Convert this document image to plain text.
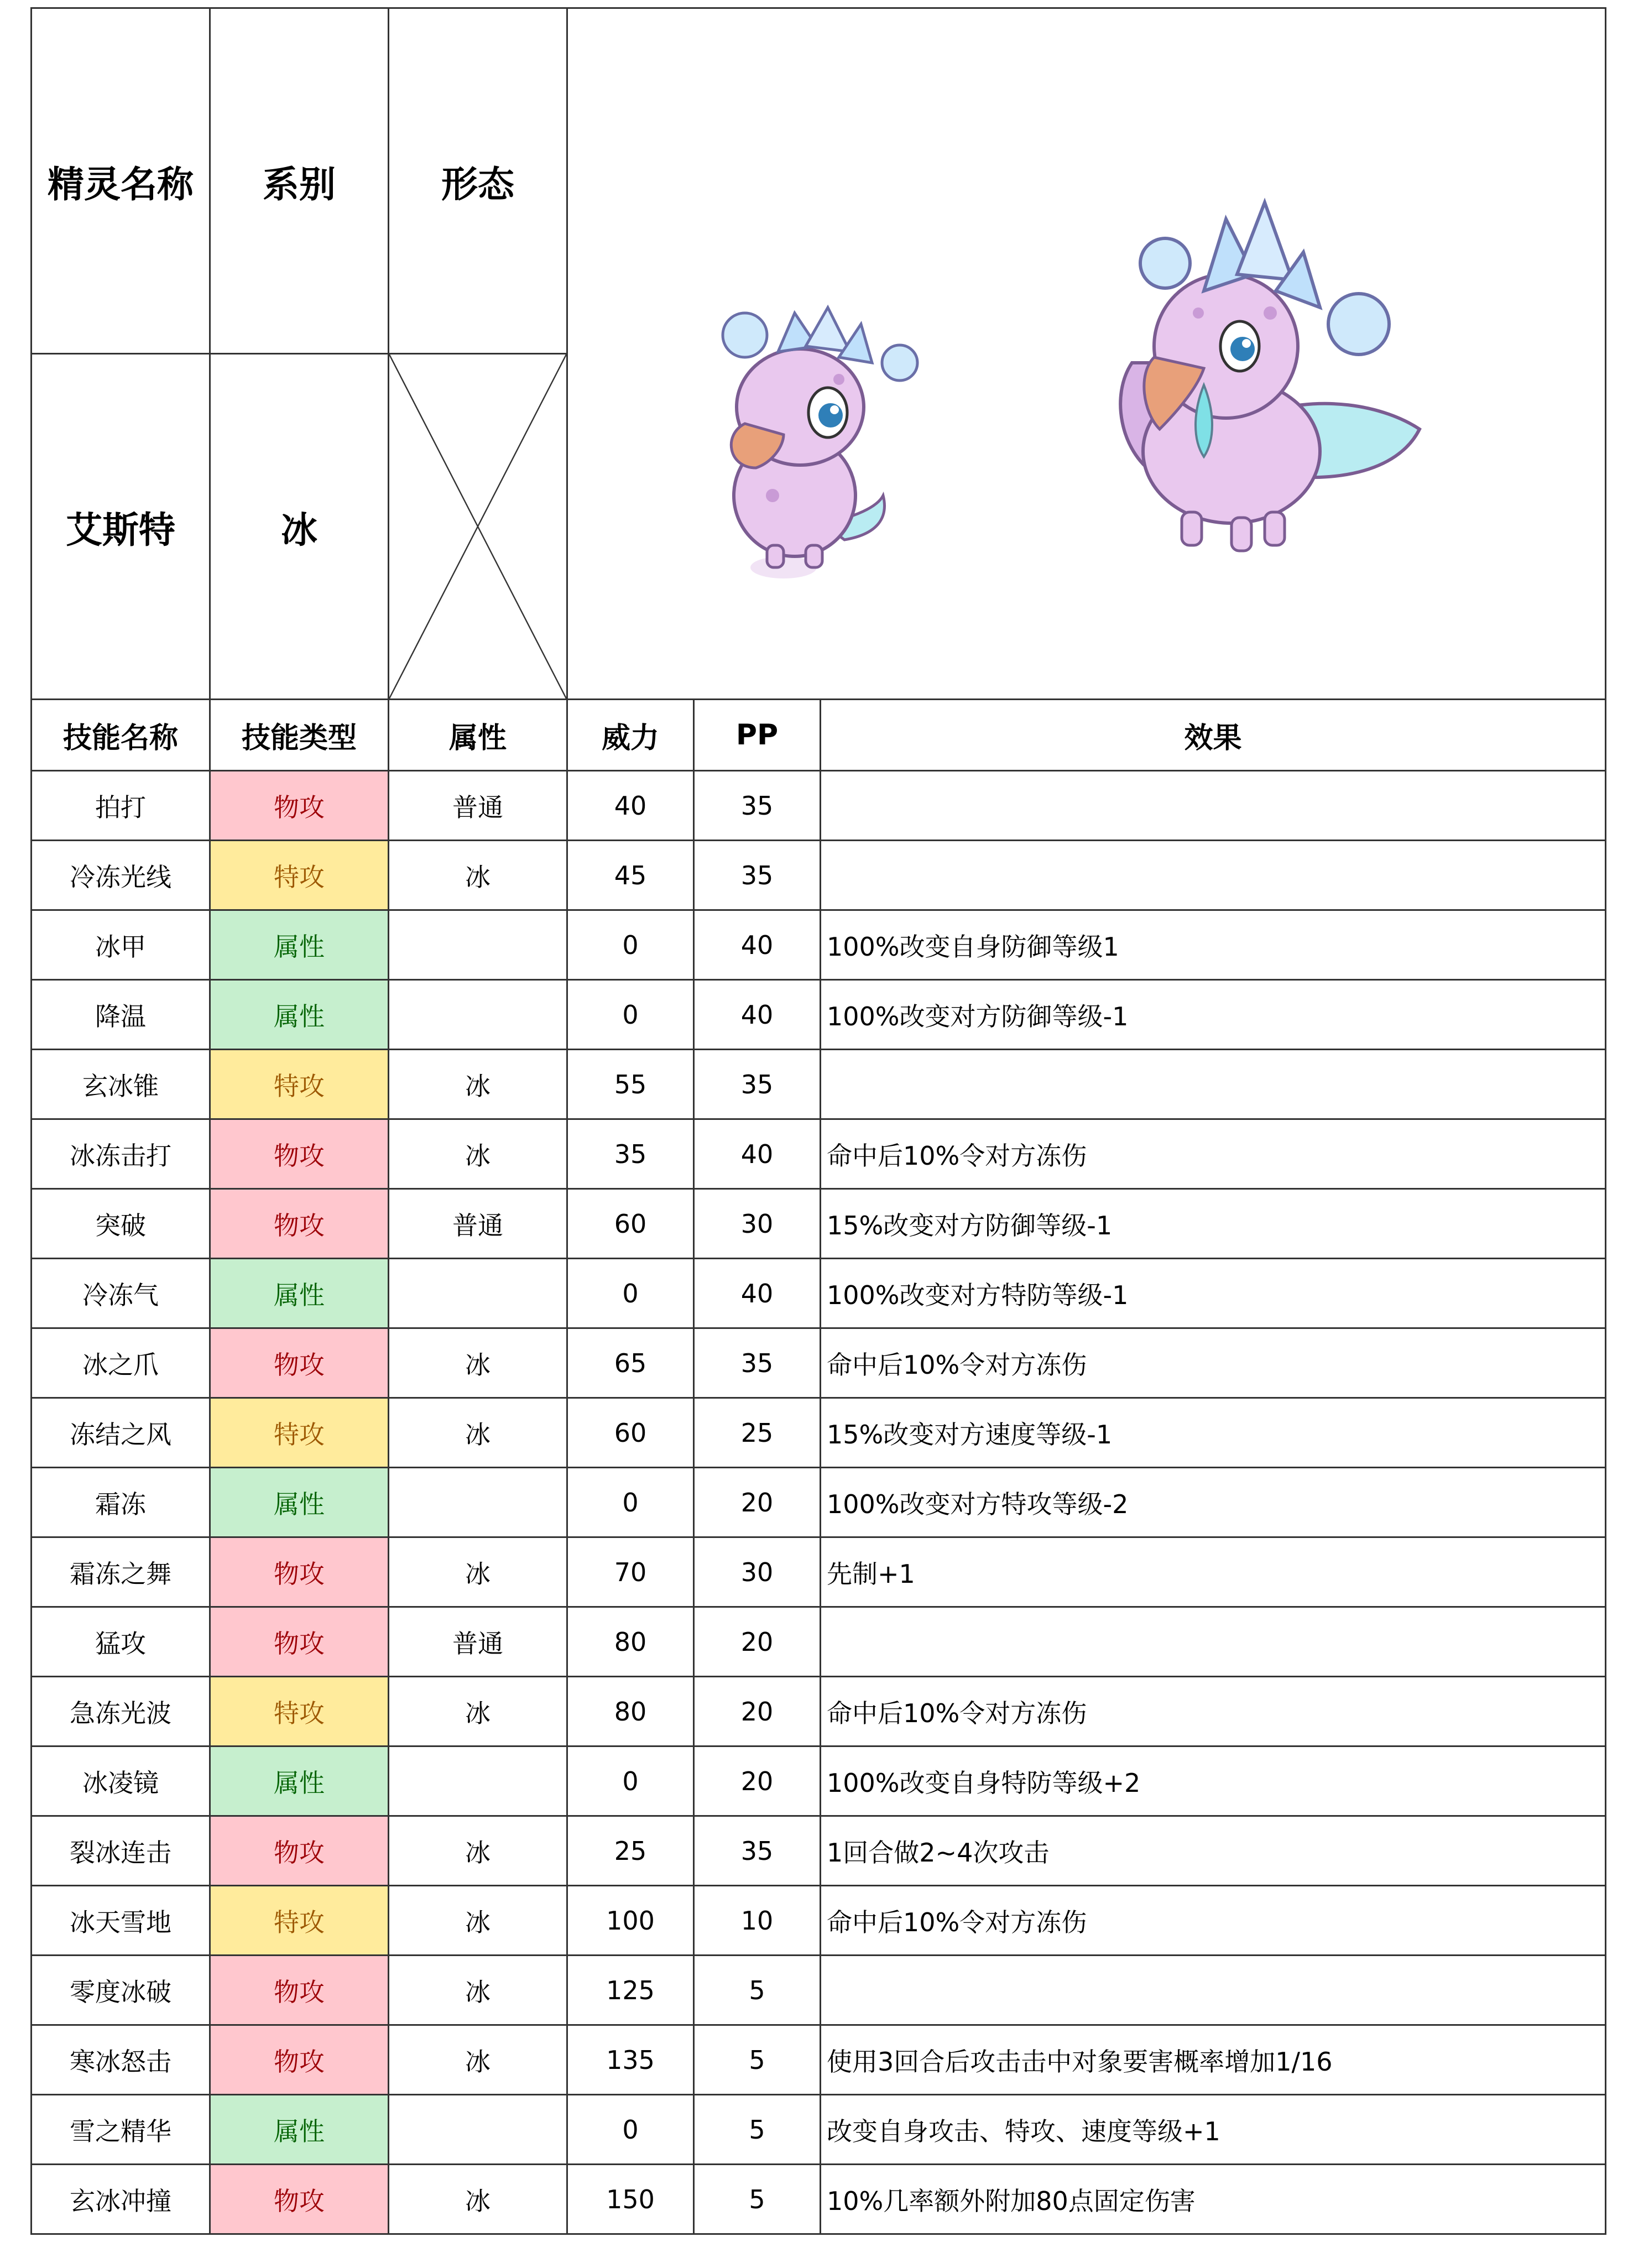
精灵名称	系别	形态	

艾斯特	冰	

技能名称	技能类型	属性	威力	PP	效果
拍打	物攻	普通	40	35	
冷冻光线	特攻	冰	45	35	
冰甲	属性		0	40	100%改变自身防御等级1
降温	属性		0	40	100%改变对方防御等级-1
玄冰锥	特攻	冰	55	35	
冰冻击打	物攻	冰	35	40	命中后10%令对方冻伤
突破	物攻	普通	60	30	15%改变对方防御等级-1
冷冻气	属性		0	40	100%改变对方特防等级-1
冰之爪	物攻	冰	65	35	命中后10%令对方冻伤
冻结之风	特攻	冰	60	25	15%改变对方速度等级-1
霜冻	属性		0	20	100%改变对方特攻等级-2
霜冻之舞	物攻	冰	70	30	先制+1
猛攻	物攻	普通	80	20	
急冻光波	特攻	冰	80	20	命中后10%令对方冻伤
冰凌镜	属性		0	20	100%改变自身特防等级+2
裂冰连击	物攻	冰	25	35	1回合做2~4次攻击
冰天雪地	特攻	冰	100	10	命中后10%令对方冻伤
零度冰破	物攻	冰	125	5	
寒冰怒击	物攻	冰	135	5	使用3回合后攻击击中对象要害概率增加1/16
雪之精华	属性		0	5	改变自身攻击、特攻、速度等级+1
玄冰冲撞	物攻	冰	150	5	10%几率额外附加80点固定伤害
